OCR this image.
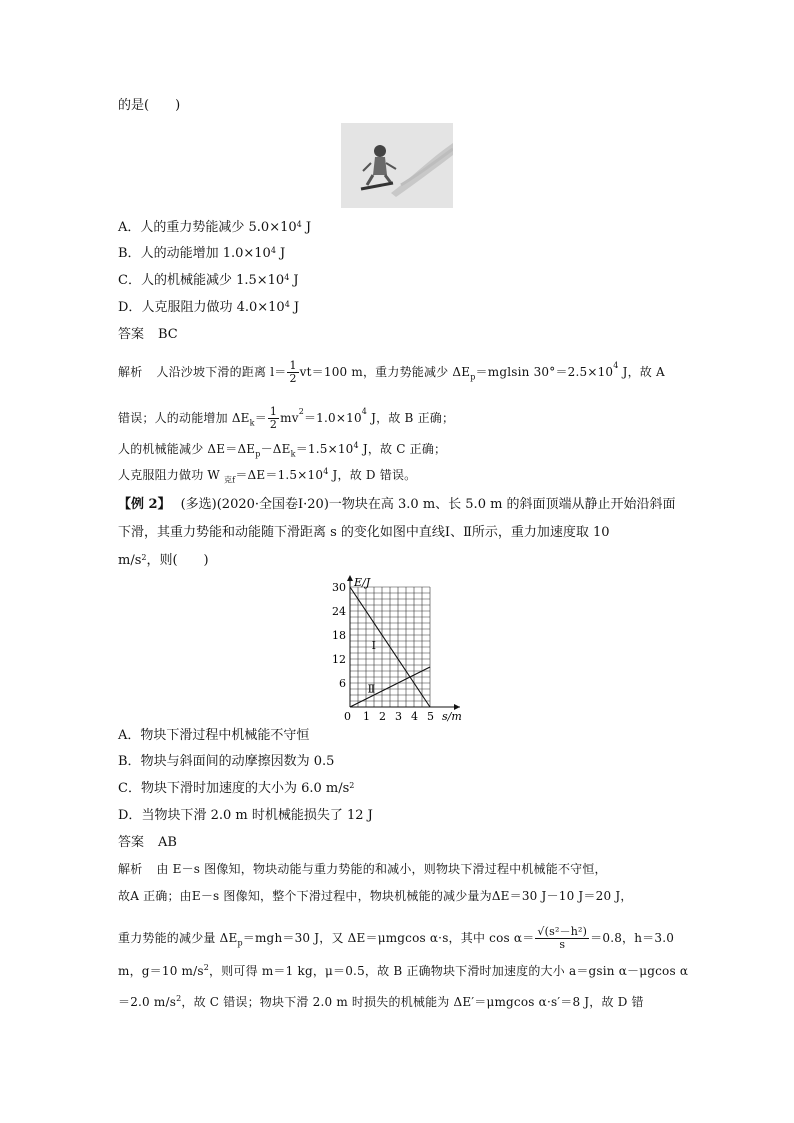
的是(　　)
滑沙的人
A．人的重力势能减少 $5.0\times 10^4$ J
B．人的动能增加 $1.0\times 10^4$ J
C．人的机械能减少 $1.5\times 10^4$ J
D．人克服阻力做功 $4.0\times 10^4$ J
答案 BC
解析 人沿沙坡下滑的距离 $l= \frac{1}{2} vt=100$ m，重力势能减少 $\Delta E_p=mglsin$ $30^\circ=2.5\times 10^4$ J，故 A
错误；人的动能增加 $\Delta E_k= \frac{1}{2} mv^2=1.0\times 10^4$ J，故 B 正确；
人的机械能减少 $\Delta E=\Delta E_p-\Delta E_k=1.5\times 10^4$ J，故 C 正确；
人克服阻力做功 W $_{克f}=\Delta E=1.5\times 10^4$ J，故 D 错误。
【例 2】 (多选)(2020·全国卷Ⅰ·20)一物块在高 3.0 m、长 5.0 m 的斜面顶端从静止开始沿斜面
下滑，其重力势能和动能随下滑距离 s 的变化如图中直线Ⅰ、Ⅱ所示，重力加速度取 10
$m/s^2$，则(　　)
Ⅰ
Ⅱ
0 1 2 3 4 5
6
12
18
24
30
s/m
E/J
A．物块下滑过程中机械能不守恒
B．物块与斜面间的动摩擦因数为 0.5
C．物块下滑时加速度的大小为 6.0 $m/s^2$
D．当物块下滑 2.0 m 时机械能损失了 12 J
答案 AB
解析 由 E－s 图像知，物块动能与重力势能的和减小，则物块下滑过程中机械能不守恒，
故A 正确；由E－s 图像知，整个下滑过程中，物块机械能的减少量为ΔE＝30 J－10 J＝20 J，
重力势能的减少量 $\Delta E_p=mgh=30$ J，又 ΔE＝μmgcos α·s，其中 $\cos \alpha= \frac{\text{√(s²－h²)}}{s} =0.8$，h＝3.0
m，g＝10 $m/s^2$，则可得 m＝1 kg，μ＝0.5，故 B 正确物块下滑时加速度的大小 a＝gsin α－μgcos α
＝2.0 $m/s^2$，故 C 错误；物块下滑 2.0 m 时损失的机械能为 ΔE′＝μmgcos α·s′＝8 J，故 D 错
